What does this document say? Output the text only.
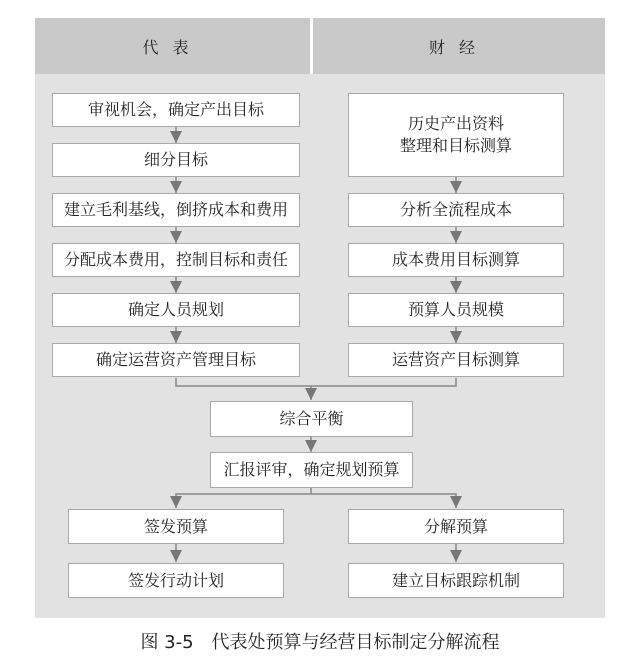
代表	财经
审视机会，确定产出目标
细分目标
建立毛利基线，倒挤成本和费用
分配成本费用，控制目标和责任
确定人员规划
确定运营资产管理目标
历史产出资料
整理和目标测算
分析全流程成本
成本费用目标测算
预算人员规模
运营资产目标测算
综合平衡
汇报评审，确定规划预算
签发预算
签发行动计划
分解预算
建立目标跟踪机制
图 3-5　代表处预算与经营目标制定分解流程
